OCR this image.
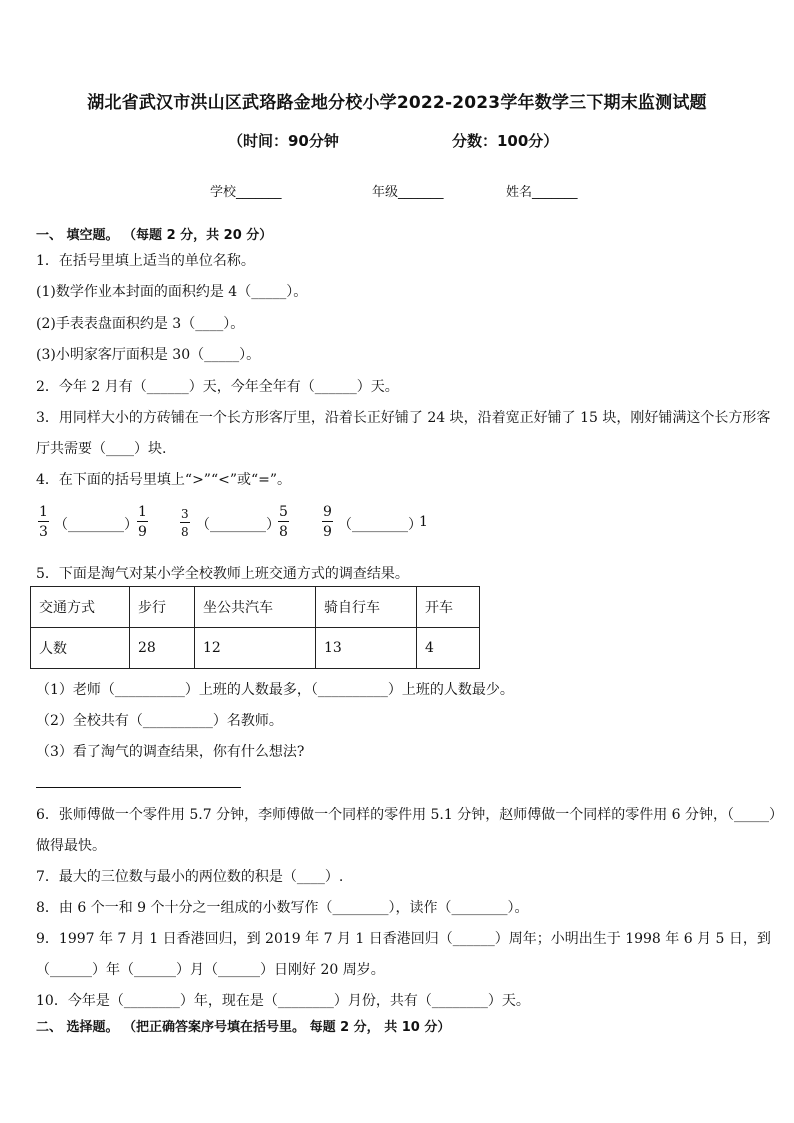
湖北省武汉市洪山区武珞路金地分校小学2022-2023学年数学三下期末监测试题
（时间：90分钟	分数：100分）
学校_______	年级_______	姓名_______
一、 填空题。 （每题 2 分，共 20 分）
1．在括号里填上适当的单位名称。
(1)数学作业本封面的面积约是 4（_____）。
(2)手表表盘面积约是 3（____）。
(3)小明家客厅面积是 30（_____）。
2．今年 2 月有（______）天，今年全年有（______）天。
3．用同样大小的方砖铺在一个长方形客厅里，沿着长正好铺了 24 块，沿着宽正好铺了 15 块，刚好铺满这个长方形客
厅共需要（____）块.
4．在下面的括号里填上“>”“<”或“=”。
$\frac{1}{3}$ （________） $\frac{1}{9}$	$\frac{3}{8}$ （________）
$\frac{5}{8} \frac{9}{9}$ （________）
1
5．下面是淘气对某小学全校教师上班交通方式的调查结果。
交通方式	步行	坐公共汽车	骑自行车	开车
人数	28	12	13	4
（1）老师（__________）上班的人数最多，（__________）上班的人数最少。
（2）全校共有（__________）名教师。
（3）看了淘气的调查结果，你有什么想法?
6．张师傅做一个零件用 5.7 分钟，李师傅做一个同样的零件用 5.1 分钟，赵师傅做一个同样的零件用 6 分钟，（_____）
做得最快。
7．最大的三位数与最小的两位数的积是（____）.
8．由 6 个一和 9 个十分之一组成的小数写作（________），读作（________）。
9．1997 年 7 月 1 日香港回归，到 2019 年 7 月 1 日香港回归（______）周年；小明出生于 1998 年 6 月 5 日，到
（______）年（______）月（______）日刚好 20 周岁。
10．今年是（________）年，现在是（________）月份，共有（________）天。
二、 选择题。 （把正确答案序号填在括号里。 每题 2 分， 共 10 分）
